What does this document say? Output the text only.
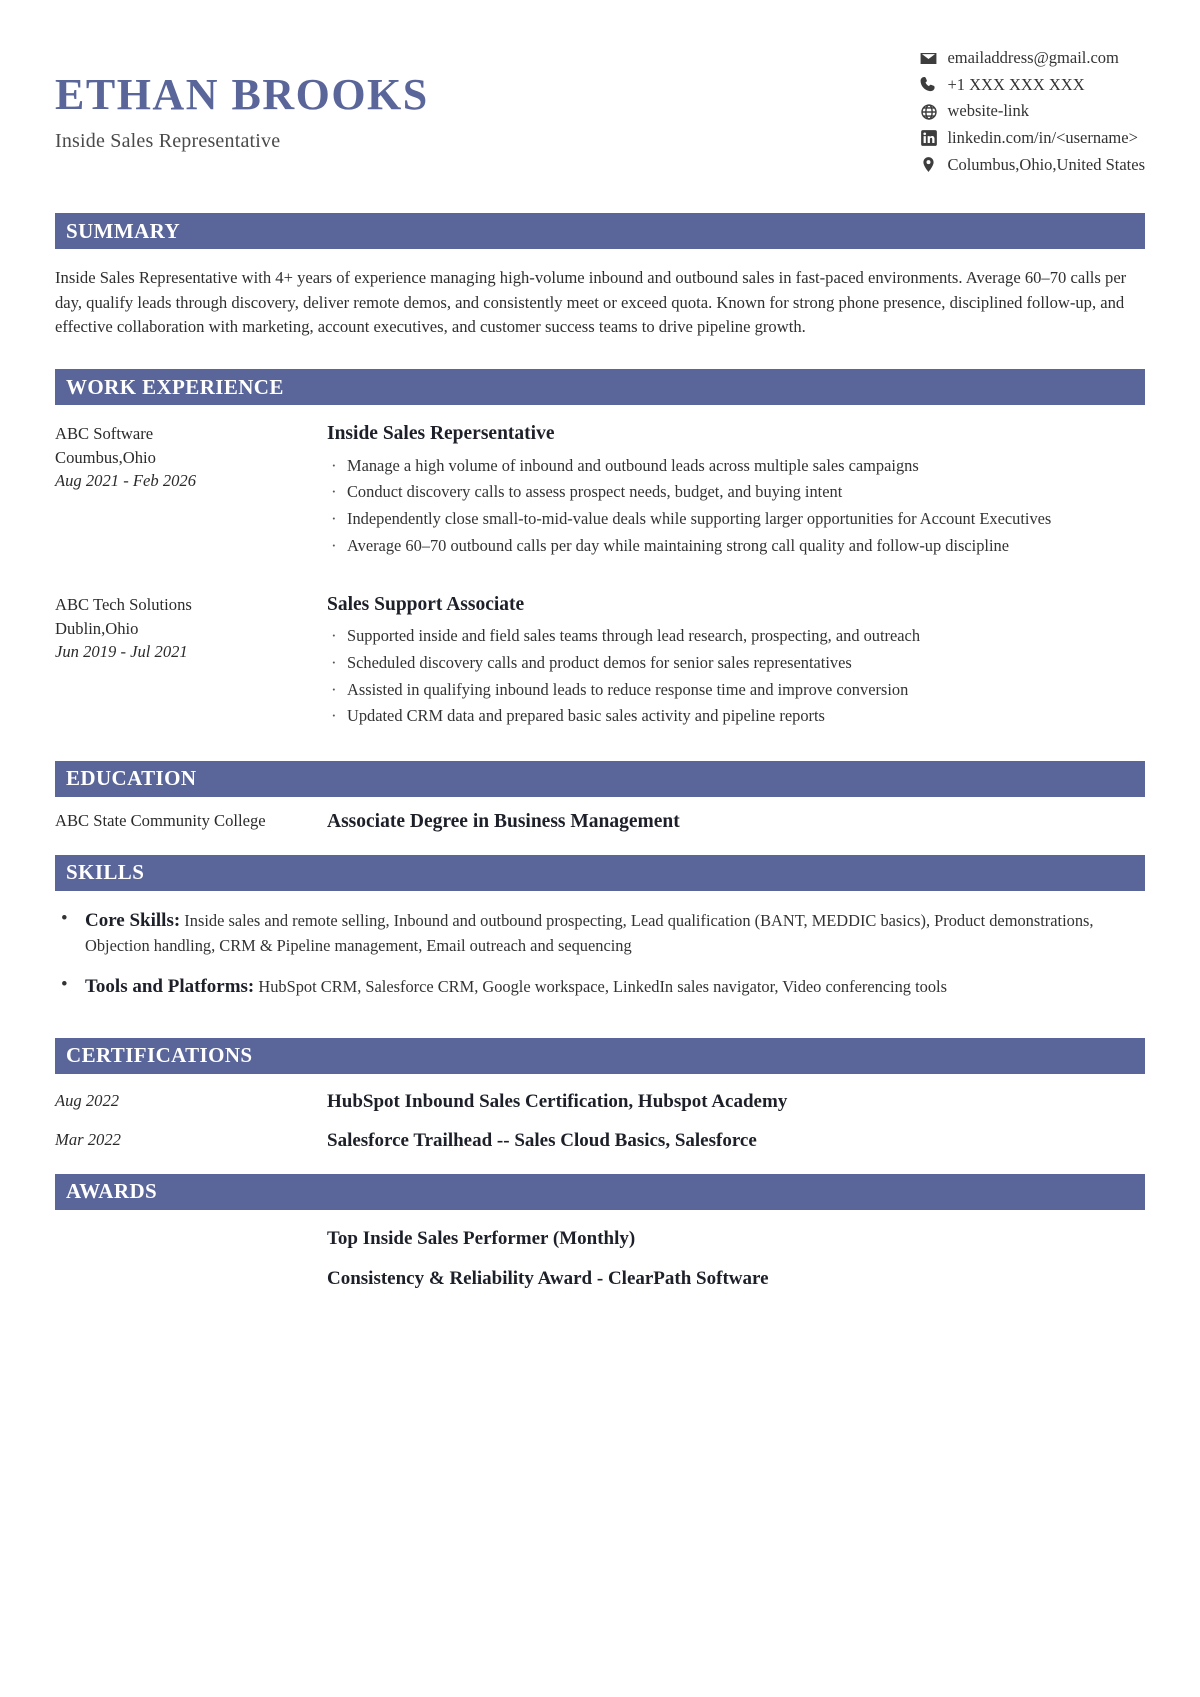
ETHAN BROOKS
Inside Sales Representative
emailaddress@gmail.com
+1 XXX XXX XXX
website-link
linkedin.com/in/<username>
Columbus,Ohio,United States
SUMMARY
Inside Sales Representative with 4+ years of experience managing high-volume inbound and outbound sales in fast-paced environments. Average 60–70 calls per day, qualify leads through discovery, deliver remote demos, and consistently meet or exceed quota. Known for strong phone presence, disciplined follow-up, and effective collaboration with marketing, account executives, and customer success teams to drive pipeline growth.
WORK EXPERIENCE
ABC Software
Coumbus,Ohio
Aug 2021 - Feb 2026
Inside Sales Repersentative
· Manage a high volume of inbound and outbound leads across multiple sales campaigns
· Conduct discovery calls to assess prospect needs, budget, and buying intent
· Independently close small-to-mid-value deals while supporting larger opportunities for Account Executives
· Average 60–70 outbound calls per day while maintaining strong call quality and follow-up discipline
ABC Tech Solutions
Dublin,Ohio
Jun 2019 - Jul 2021
Sales Support Associate
· Supported inside and field sales teams through lead research, prospecting, and outreach
· Scheduled discovery calls and product demos for senior sales representatives
· Assisted in qualifying inbound leads to reduce response time and improve conversion
· Updated CRM data and prepared basic sales activity and pipeline reports
EDUCATION
ABC State Community College	Associate Degree in Business Management
SKILLS
• Core Skills: Inside sales and remote selling, Inbound and outbound prospecting, Lead qualification (BANT, MEDDIC basics), Product demonstrations, Objection handling, CRM & Pipeline management, Email outreach and sequencing
• Tools and Platforms: HubSpot CRM, Salesforce CRM, Google workspace, LinkedIn sales navigator, Video conferencing tools
CERTIFICATIONS
Aug 2022	HubSpot Inbound Sales Certification, Hubspot Academy
Mar 2022	Salesforce Trailhead -- Sales Cloud Basics, Salesforce
AWARDS
Top Inside Sales Performer (Monthly)
Consistency & Reliability Award - ClearPath Software
